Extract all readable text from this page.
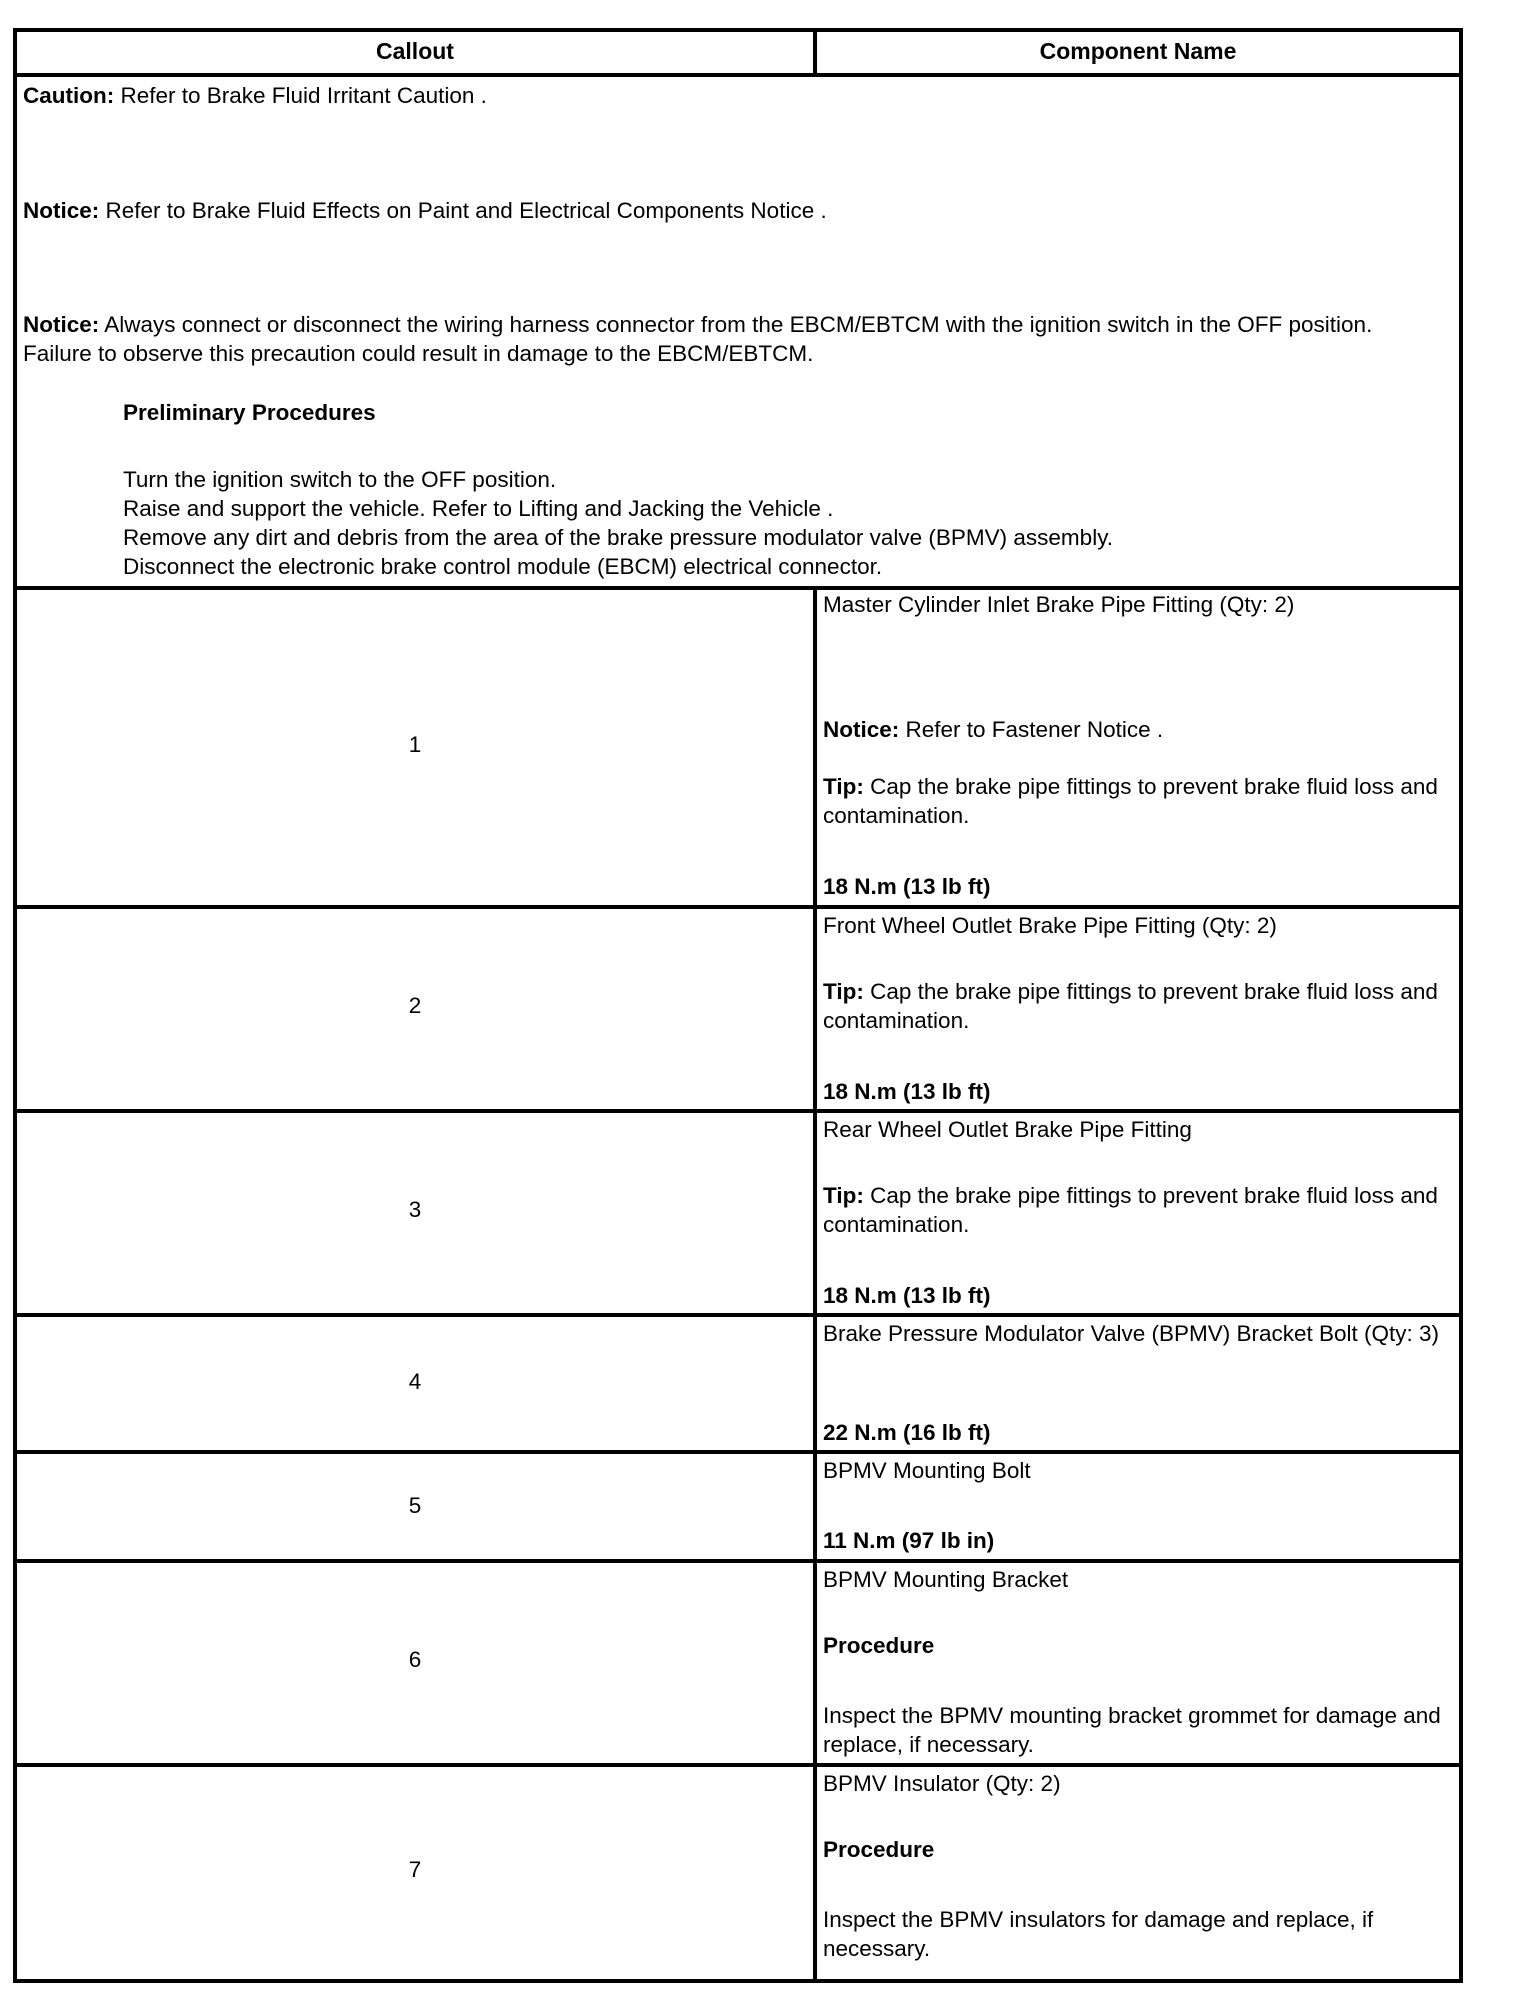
Callout	Component Name
Caution: Refer to Brake Fluid Irritant Caution .
Notice: Refer to Brake Fluid Effects on Paint and Electrical Components Notice .
Notice: Always connect or disconnect the wiring harness connector from the EBCM/EBTCM with the ignition switch in the OFF position. Failure to observe this precaution could result in damage to the EBCM/EBTCM.
Preliminary Procedures

Turn the ignition switch to the OFF position.

Raise and support the vehicle. Refer to Lifting and Jacking the Vehicle .

Remove any dirt and debris from the area of the brake pressure modulator valve (BPMV) assembly.

Disconnect the electronic brake control module (EBCM) electrical connector.

1
Master Cylinder Inlet Brake Pipe Fitting (Qty: 2)
Notice: Refer to Fastener Notice .
Tip: Cap the brake pipe fittings to prevent brake fluid loss and contamination.
18 N.m (13 lb ft)
2
Front Wheel Outlet Brake Pipe Fitting (Qty: 2)
Tip: Cap the brake pipe fittings to prevent brake fluid loss and contamination.
18 N.m (13 lb ft)
3
Rear Wheel Outlet Brake Pipe Fitting
Tip: Cap the brake pipe fittings to prevent brake fluid loss and contamination.
18 N.m (13 lb ft)
4
Brake Pressure Modulator Valve (BPMV) Bracket Bolt (Qty: 3)
22 N.m (16 lb ft)
5
BPMV Mounting Bolt
11 N.m (97 lb in)
6
BPMV Mounting Bracket
Procedure
Inspect the BPMV mounting bracket grommet for damage and replace, if necessary.
7
BPMV Insulator (Qty: 2)
Procedure
Inspect the BPMV insulators for damage and replace, if necessary.
